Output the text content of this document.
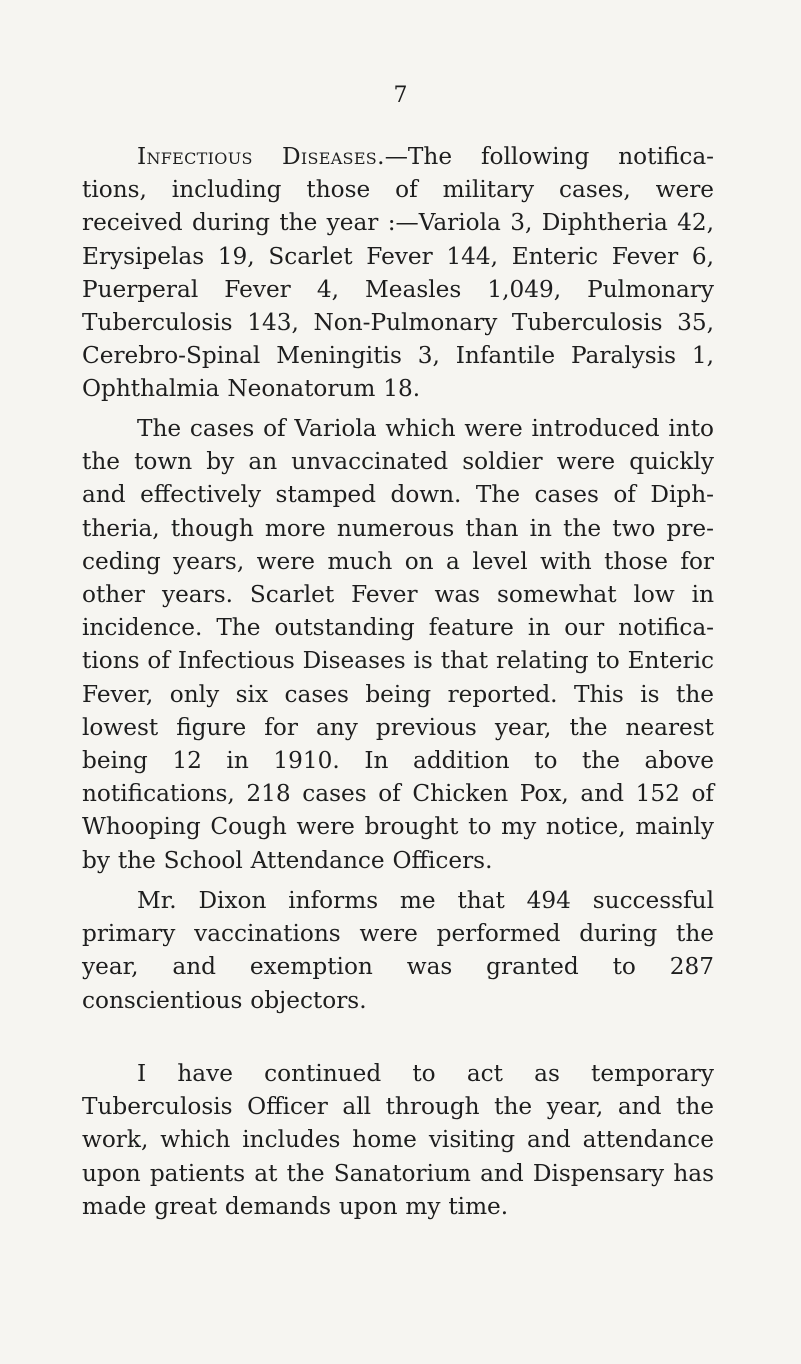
7

Infectious Diseases.—The following notifica-tions, including those of military cases, were received during the year :—Variola 3, Diphtheria 42, Erysipelas 19, Scarlet Fever 144, Enteric Fever 6, Puerperal Fever 4, Measles 1,049, Pulmonary Tuberculosis 143, Non-Pulmonary Tuberculosis 35, Cerebro-Spinal Meningitis 3, Infantile Paralysis 1, Ophthalmia Neonatorum 18.

The cases of Variola which were introduced into the town by an unvaccinated soldier were quickly and effectively stamped down. The cases of Diph-theria, though more numerous than in the two pre-ceding years, were much on a level with those for other years. Scarlet Fever was somewhat low in incidence. The outstanding feature in our notifica-tions of Infectious Diseases is that relating to Enteric Fever, only six cases being reported. This is the lowest figure for any previous year, the nearest being 12 in 1910. In addition to the above notifications, 218 cases of Chicken Pox, and 152 of Whooping Cough were brought to my notice, mainly by the School Attendance Officers.

Mr. Dixon informs me that 494 successful primary vaccinations were performed during the year, and exemption was granted to 287 conscientious objectors.

I have continued to act as temporary Tuberculosis Officer all through the year, and the work, which includes home visiting and attendance upon patients at the Sanatorium and Dispensary has made great demands upon my time.
